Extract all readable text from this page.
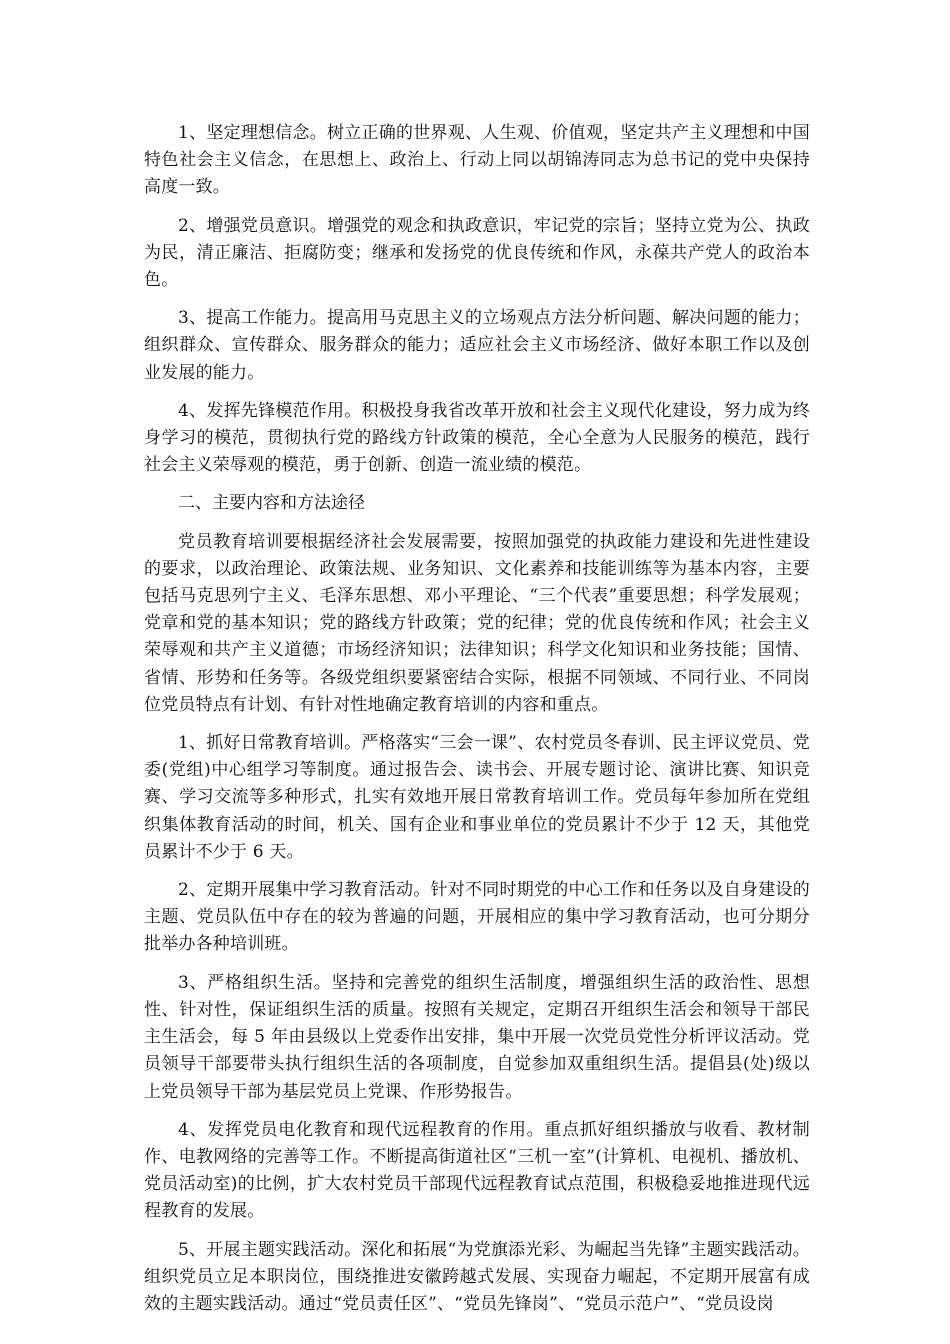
1、坚定理想信念。树立正确的世界观、人生观、价值观，坚定共产主义理想和中国特色社会主义信念，在思想上、政治上、行动上同以胡锦涛同志为总书记的党中央保持高度一致。

2、增强党员意识。增强党的观念和执政意识，牢记党的宗旨；坚持立党为公、执政为民，清正廉洁、拒腐防变；继承和发扬党的优良传统和作风，永葆共产党人的政治本色。

3、提高工作能力。提高用马克思主义的立场观点方法分析问题、解决问题的能力；组织群众、宣传群众、服务群众的能力；适应社会主义市场经济、做好本职工作以及创业发展的能力。

4、发挥先锋模范作用。积极投身我省改革开放和社会主义现代化建设，努力成为终身学习的模范，贯彻执行党的路线方针政策的模范，全心全意为人民服务的模范，践行社会主义荣辱观的模范，勇于创新、创造一流业绩的模范。

二、主要内容和方法途径

党员教育培训要根据经济社会发展需要，按照加强党的执政能力建设和先进性建设的要求，以政治理论、政策法规、业务知识、文化素养和技能训练等为基本内容，主要包括马克思列宁主义、毛泽东思想、邓小平理论、“三个代表”重要思想；科学发展观；党章和党的基本知识；党的路线方针政策；党的纪律；党的优良传统和作风；社会主义荣辱观和共产主义道德；市场经济知识；法律知识；科学文化知识和业务技能；国情、省情、形势和任务等。各级党组织要紧密结合实际，根据不同领域、不同行业、不同岗位党员特点有计划、有针对性地确定教育培训的内容和重点。

1、抓好日常教育培训。严格落实“三会一课”、农村党员冬春训、民主评议党员、党委(党组)中心组学习等制度。通过报告会、读书会、开展专题讨论、演讲比赛、知识竞赛、学习交流等多种形式，扎实有效地开展日常教育培训工作。党员每年参加所在党组织集体教育活动的时间，机关、国有企业和事业单位的党员累计不少于 12 天，其他党员累计不少于 6 天。

2、定期开展集中学习教育活动。针对不同时期党的中心工作和任务以及自身建设的主题、党员队伍中存在的较为普遍的问题，开展相应的集中学习教育活动，也可分期分批举办各种培训班。

3、严格组织生活。坚持和完善党的组织生活制度，增强组织生活的政治性、思想性、针对性，保证组织生活的质量。按照有关规定，定期召开组织生活会和领导干部民主生活会，每 5 年由县级以上党委作出安排，集中开展一次党员党性分析评议活动。党员领导干部要带头执行组织生活的各项制度，自觉参加双重组织生活。提倡县(处)级以上党员领导干部为基层党员上党课、作形势报告。

4、发挥党员电化教育和现代远程教育的作用。重点抓好组织播放与收看、教材制作、电教网络的完善等工作。不断提高街道社区“三机一室”(计算机、电视机、播放机、党员活动室)的比例，扩大农村党员干部现代远程教育试点范围，积极稳妥地推进现代远程教育的发展。

5、开展主题实践活动。深化和拓展“为党旗添光彩、为崛起当先锋”主题实践活动。组织党员立足本职岗位，围绕推进安徽跨越式发展、实现奋力崛起，不定期开展富有成效的主题实践活动。通过“党员责任区”、“党员先锋岗”、“党员示范户”、“党员设岗
